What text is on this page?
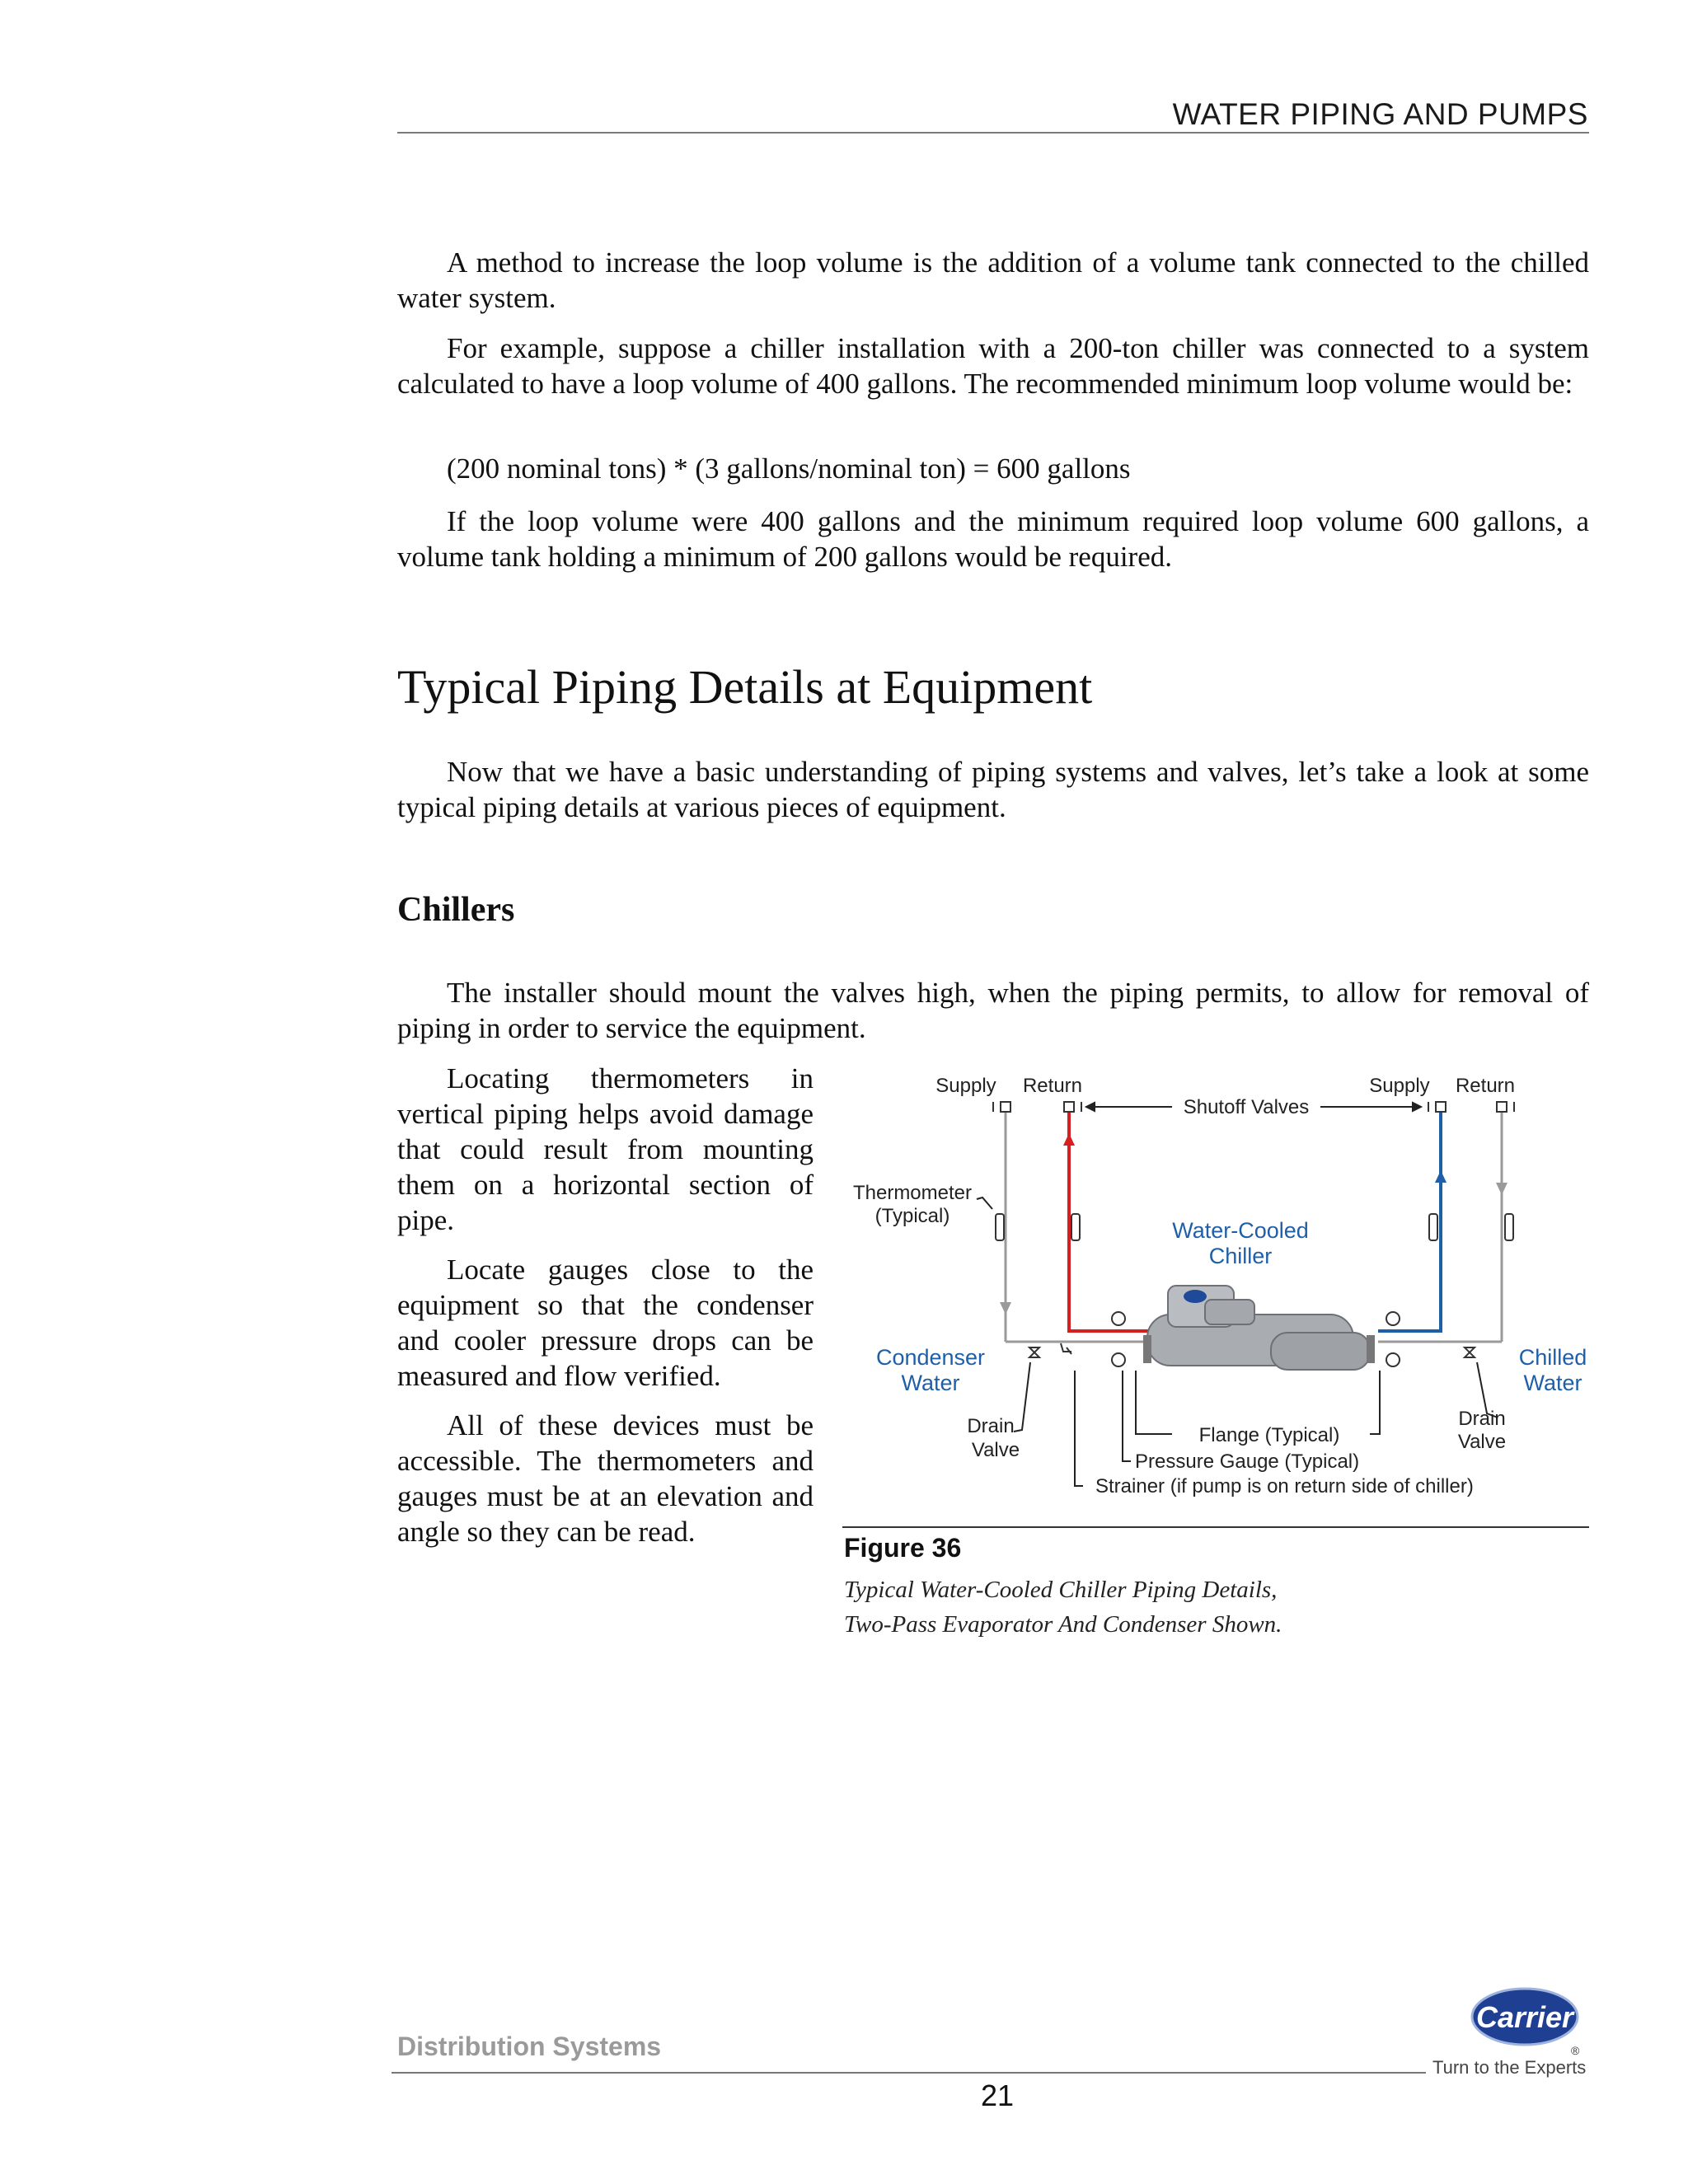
WATER PIPING AND PUMPS

A method to increase the loop volume is the addition of a volume tank connected to the chilled water system.

For example, suppose a chiller installation with a 200-ton chiller was connected to a system calculated to have a loop volume of 400 gallons. The recommended minimum loop volume would be:

(200 nominal tons) * (3 gallons/nominal ton) = 600 gallons

If the loop volume were 400 gallons and the minimum required loop volume 600 gallons, a volume tank holding a minimum of 200 gallons would be required.

Typical Piping Details at Equipment

Now that we have a basic understanding of piping systems and valves, let’s take a look at some typical piping details at various pieces of equipment.

Chillers

The installer should mount the valves high, when the piping permits, to allow for removal of piping in order to service the equipment.

Locating thermometers in vertical piping helps avoid damage that could result from mounting them on a horizontal section of pipe.

Locate gauges close to the equipment so that the condenser and cooler pressure drops can be measured and flow verified.

All of these devices must be accessible. The thermometers and gauges must be at an elevation and angle so they can be read.

Supply Return	Supply Return
Shutoff Valves
Thermometer
(Typical)
Drain
Valve
Drain
Valve
Flange (Typical)
Pressure Gauge (Typical)
Strainer (if pump is on return side of chiller)
Water-Cooled
Chiller
Condenser
Water
Chilled
Water
Figure 36
Typical Water-Cooled Chiller Piping Details,
Two-Pass Evaporator And Condenser Shown.
Distribution Systems
21
Carrier
®
Turn to the Experts
